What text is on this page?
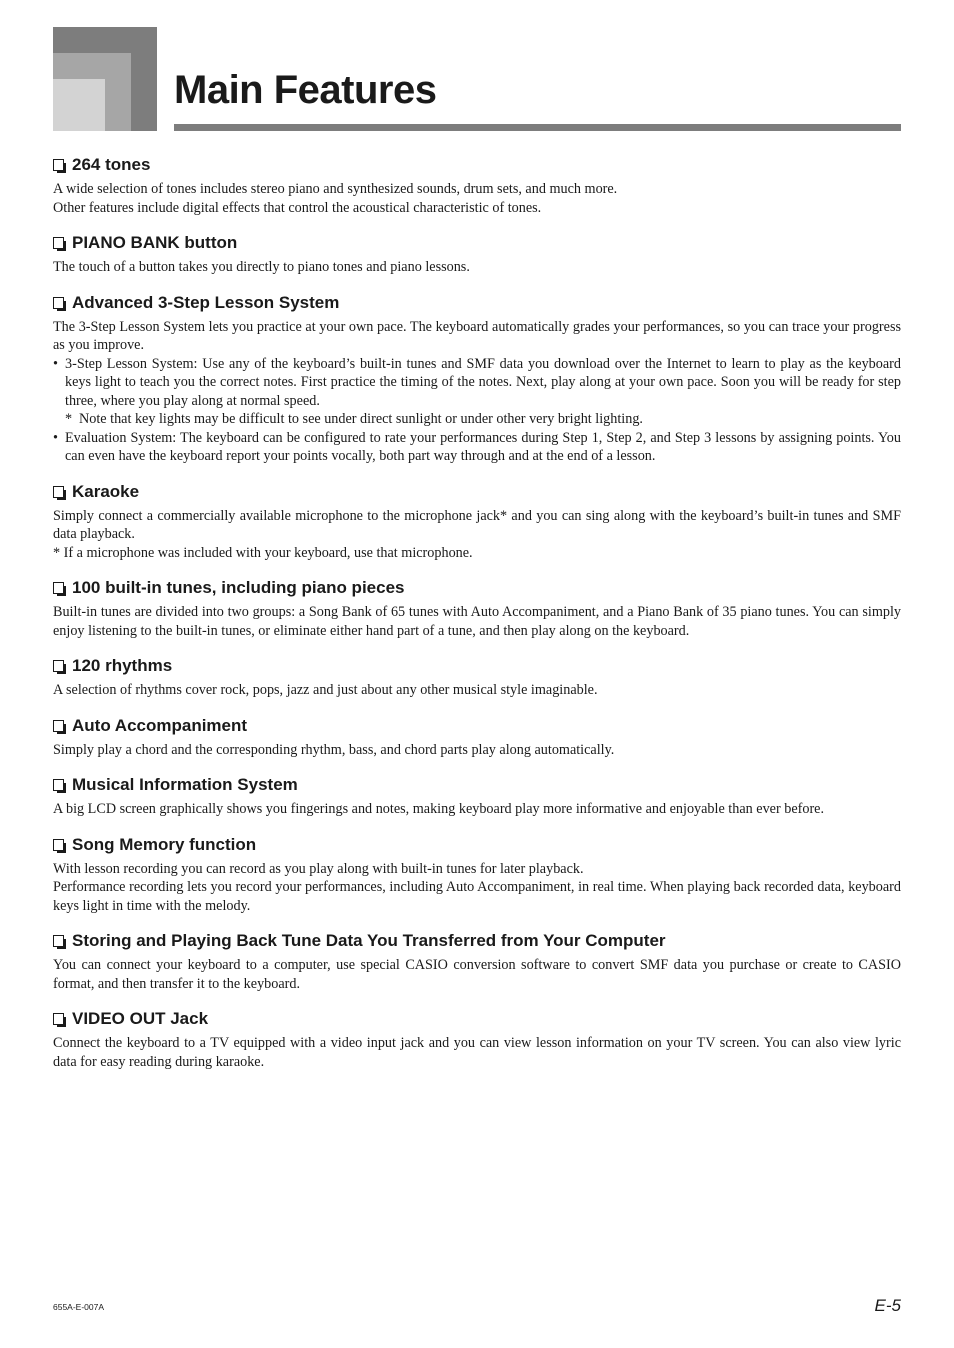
Main Features
264 tones

A wide selection of tones includes stereo piano and synthesized sounds, drum sets, and much more.

Other features include digital effects that control the acoustical characteristic of tones.

PIANO BANK button

The touch of a button takes you directly to piano tones and piano lessons.

Advanced 3-Step Lesson System

The 3-Step Lesson System lets you practice at your own pace. The keyboard automatically grades your performances, so you can trace your progress as you improve.

• 3-Step Lesson System: Use any of the keyboard’s built-in tunes and SMF data you download over the Internet to learn to play as the keyboard keys light to teach you the correct notes. First practice the timing of the notes. Next, play along at your own pace. Soon you will be ready for step three, where you play along at normal speed.
* Note that key lights may be difficult to see under direct sunlight or under other very bright lighting.
• Evaluation System: The keyboard can be configured to rate your performances during Step 1, Step 2, and Step 3 lessons by assigning points. You can even have the keyboard report your points vocally, both part way through and at the end of a lesson.
Karaoke

Simply connect a commercially available microphone to the microphone jack* and you can sing along with the keyboard’s built-in tunes and SMF data playback.

* If a microphone was included with your keyboard, use that microphone.

100 built-in tunes, including piano pieces

Built-in tunes are divided into two groups: a Song Bank of 65 tunes with Auto Accompaniment, and a Piano Bank of 35 piano tunes. You can simply enjoy listening to the built-in tunes, or eliminate either hand part of a tune, and then play along on the keyboard.

120 rhythms

A selection of rhythms cover rock, pops, jazz and just about any other musical style imaginable.

Auto Accompaniment

Simply play a chord and the corresponding rhythm, bass, and chord parts play along automatically.

Musical Information System

A big LCD screen graphically shows you fingerings and notes, making keyboard play more informative and enjoyable than ever before.

Song Memory function

With lesson recording you can record as you play along with built-in tunes for later playback.

Performance recording lets you record your performances, including Auto Accompaniment, in real time. When playing back recorded data, keyboard keys light in time with the melody.

Storing and Playing Back Tune Data You Transferred from Your Computer

You can connect your keyboard to a computer, use special CASIO conversion software to convert SMF data you purchase or create to CASIO format, and then transfer it to the keyboard.

VIDEO OUT Jack

Connect the keyboard to a TV equipped with a video input jack and you can view lesson information on your TV screen. You can also view lyric data for easy reading during karaoke.

655A-E-007A	E-5
